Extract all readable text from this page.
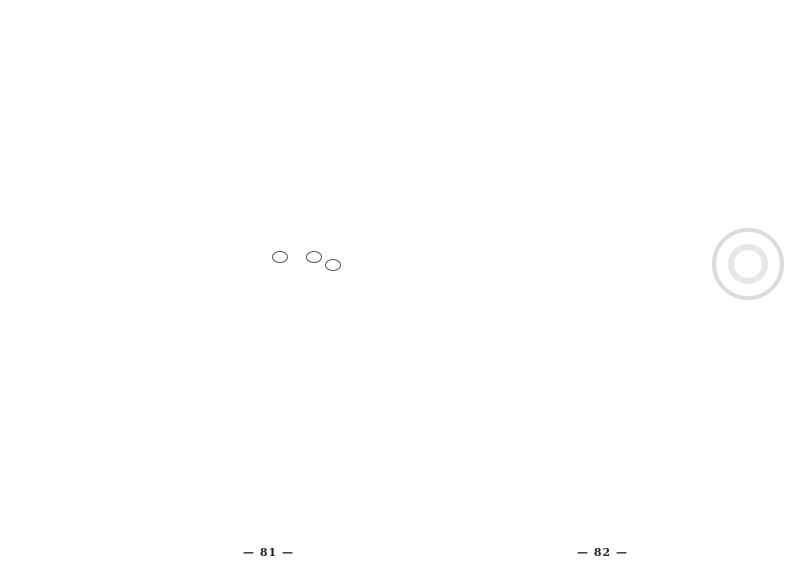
— 81 —	— 82 —
